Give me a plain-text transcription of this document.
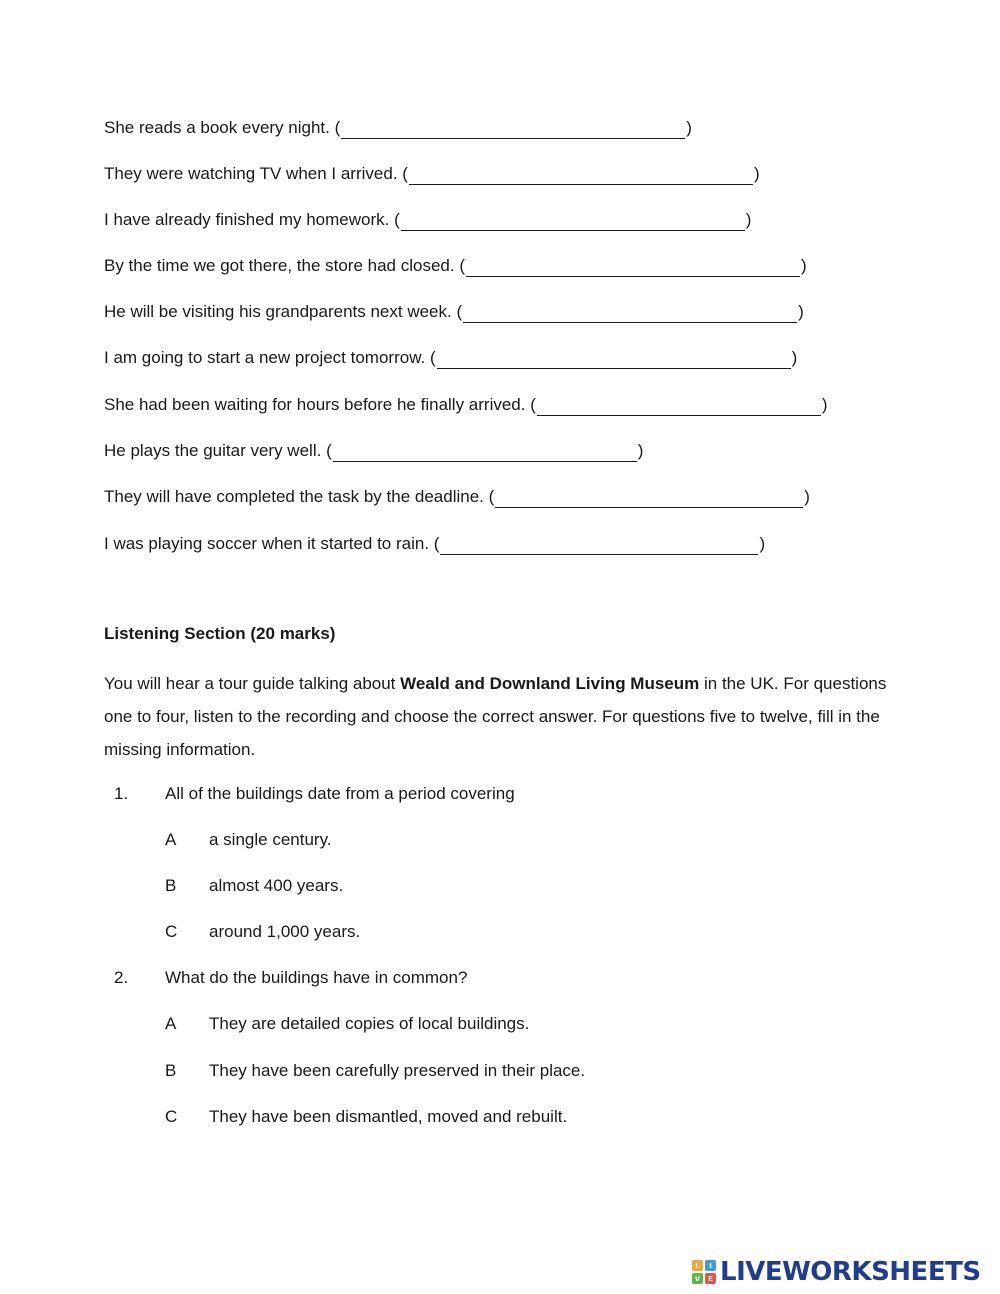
She reads a book every night.
(	)
They were watching TV when I arrived.
(	)
I have already finished my homework.
(	)
By the time we got there, the store had closed.
(	)
He will be visiting his grandparents next week.
(	)
I am going to start a new project tomorrow.
(	)
She had been waiting for hours before he finally arrived.
(	)
He plays the guitar very well.
(	)
They will have completed the task by the deadline.
(	)
I was playing soccer when it started to rain.
(	)
Listening Section (20 marks)
You will hear a tour guide talking about Weald and Downland Living Museum in the UK. For questions one to four, listen to the recording and choose the correct answer. For questions five to twelve, fill in the missing information.
1. All of the buildings date from a period covering
A a single century.
B almost 400 years.
C around 1,000 years.
2. What do the buildings have in common?
A They are detailed copies of local buildings.
B They have been carefully preserved in their place.
C They have been dismantled, moved and rebuilt.
L	I
V	E LIVEWORKSHEETS
